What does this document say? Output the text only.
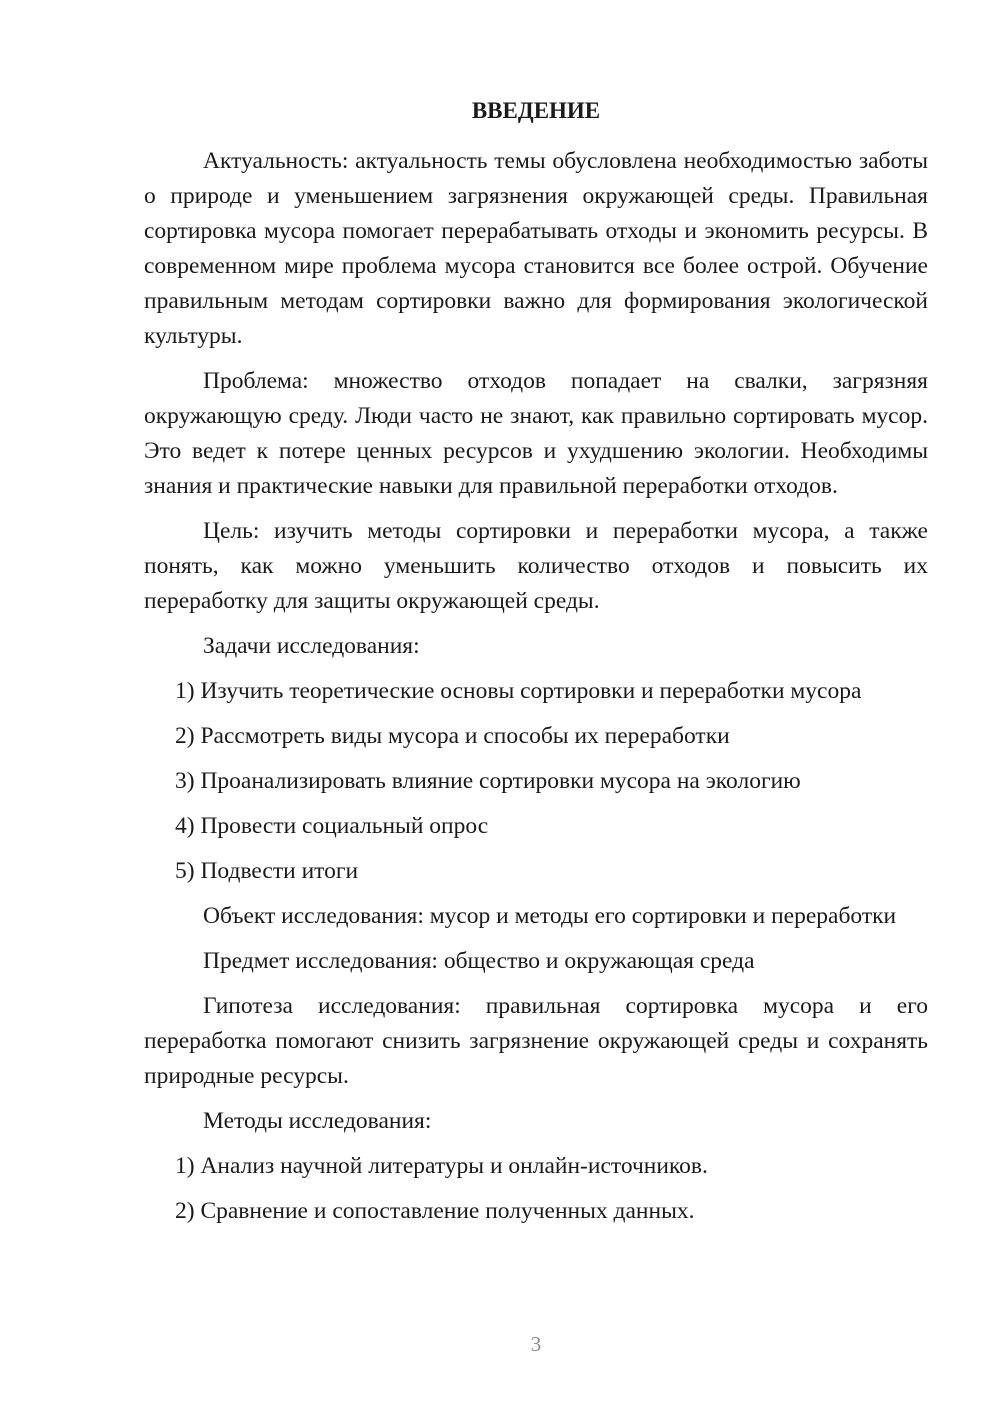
ВВЕДЕНИЕ
Актуальность: актуальность темы обусловлена необходимостью заботы о природе и уменьшением загрязнения окружающей среды. Правильная сортировка мусора помогает перерабатывать отходы и экономить ресурсы. В современном мире проблема мусора становится все более острой. Обучение правильным методам сортировки важно для формирования экологической культуры.
Проблема: множество отходов попадает на свалки, загрязняя окружающую среду. Люди часто не знают, как правильно сортировать мусор. Это ведет к потере ценных ресурсов и ухудшению экологии. Необходимы знания и практические навыки для правильной переработки отходов.
Цель: изучить методы сортировки и переработки мусора, а также понять, как можно уменьшить количество отходов и повысить их переработку для защиты окружающей среды.
Задачи исследования:
1) Изучить теоретические основы сортировки и переработки мусора
2) Рассмотреть виды мусора и способы их переработки
3) Проанализировать влияние сортировки мусора на экологию
4) Провести социальный опрос
5) Подвести итоги
Объект исследования: мусор и методы его сортировки и переработки
Предмет исследования: общество и окружающая среда
Гипотеза исследования: правильная сортировка мусора и его переработка помогают снизить загрязнение окружающей среды и сохранять природные ресурсы.
Методы исследования:
1) Анализ научной литературы и онлайн-источников.
2) Сравнение и сопоставление полученных данных.
3
